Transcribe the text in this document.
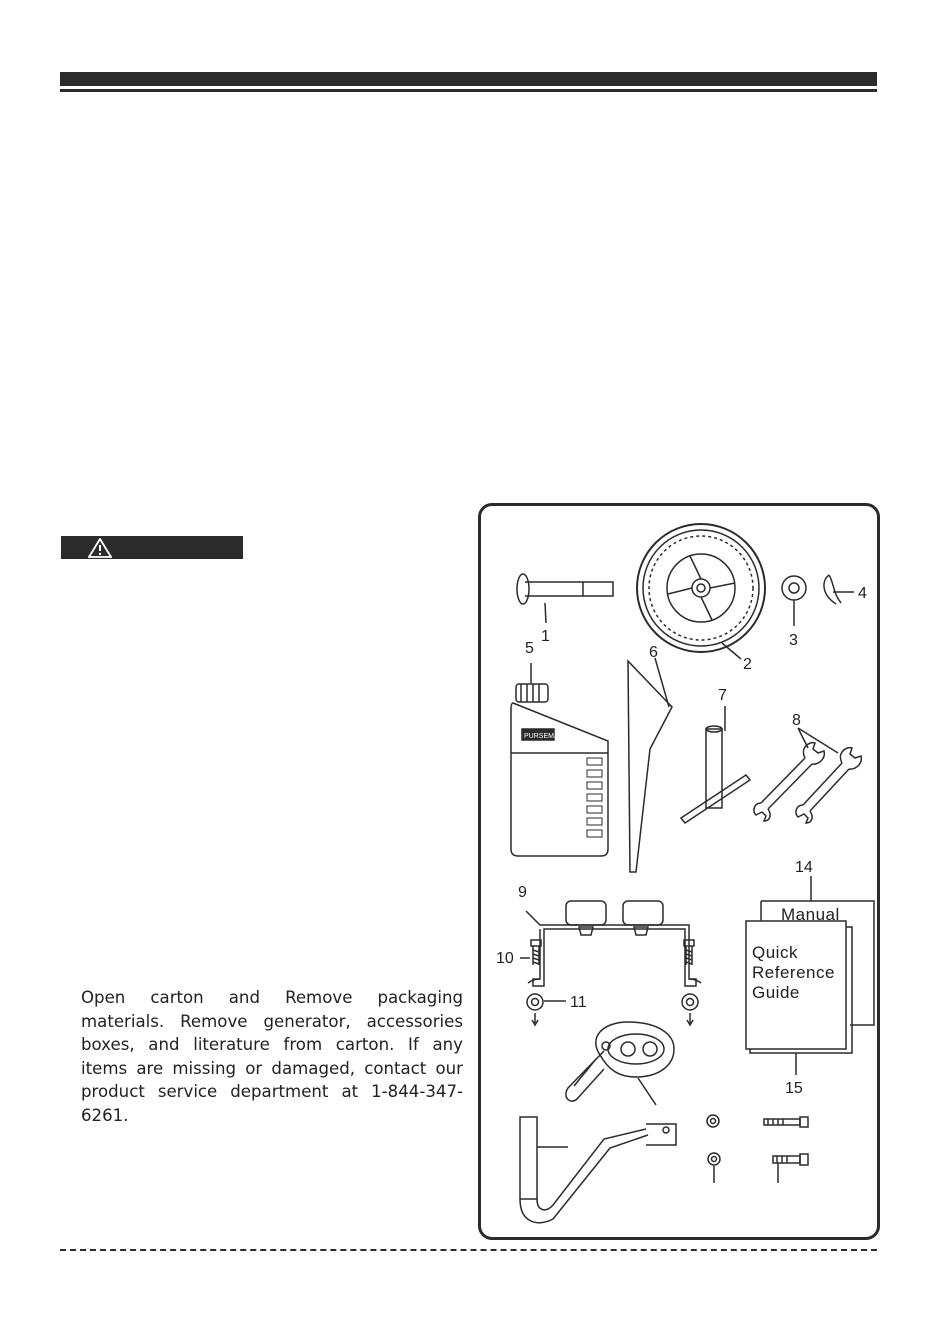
Open carton and Remove packaging materials. Remove generator, accessories boxes, and literature from carton. If any items are missing or damaged, contact our product service department at 1-844-347-6261.

1
2
3
4
PURSEMAX
5	6
7
8
9
10
11
Manual
Quick
Reference
Guide
14
15
